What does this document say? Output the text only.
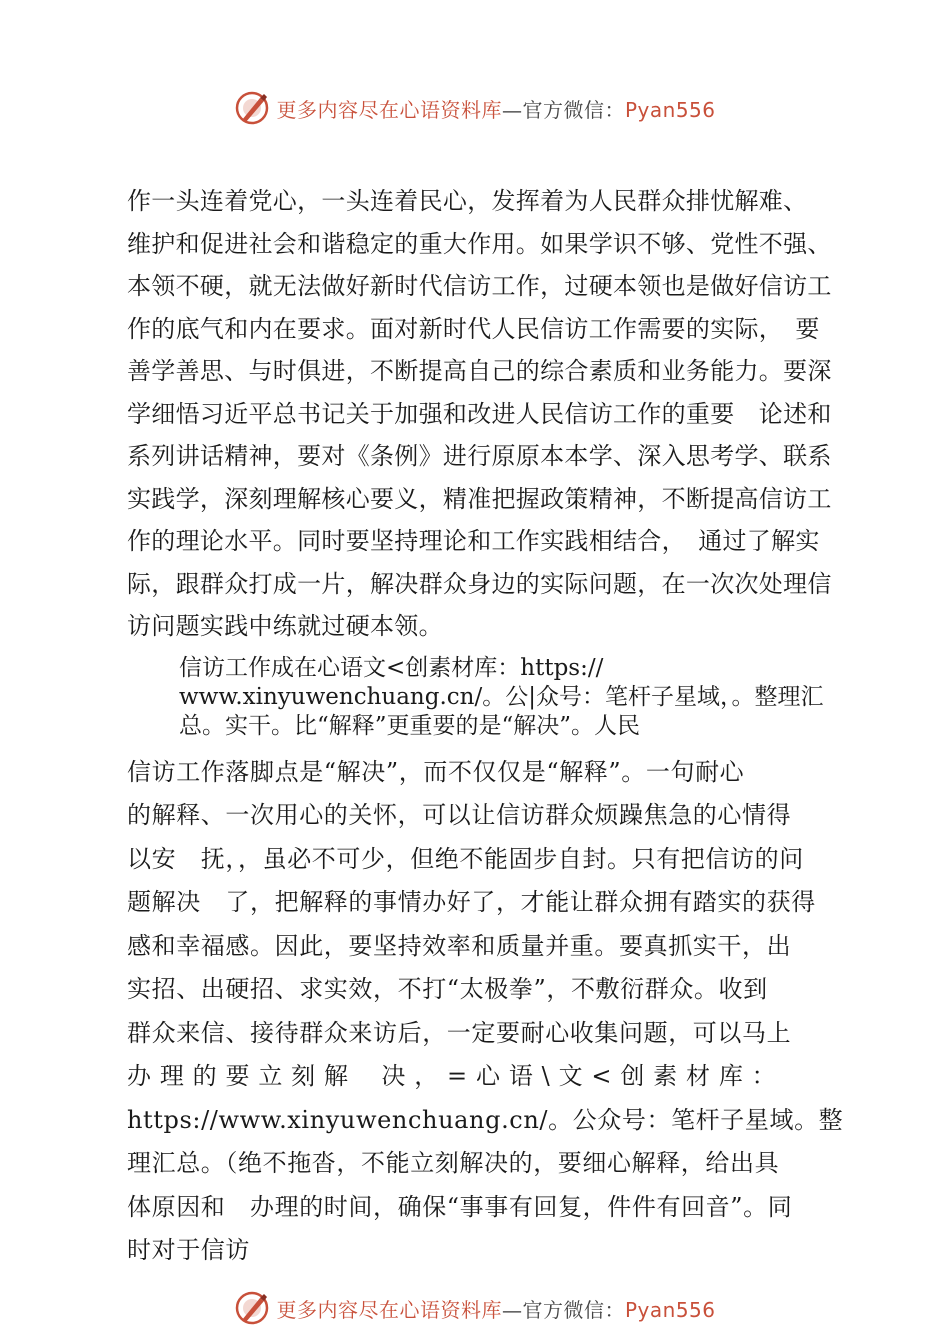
更多内容尽在心语资料库—官方微信：Pyan556

作一头连着党心，一头连着民心，发挥着为人民群众排忧解难、
维护和促进社会和谐稳定的重大作用。如果学识不够、党性不强、
本领不硬，就无法做好新时代信访工作，过硬本领也是做好信访工
作的底气和内在要求。面对新时代人民信访工作需要的实际，　要
善学善思、与时俱进，不断提高自己的综合素质和业务能力。要深
学细悟习近平总书记关于加强和改进人民信访工作的重要　论述和
系列讲话精神，要对《条例》进行原原本本学、深入思考学、联系
实践学，深刻理解核心要义，精准把握政策精神，不断提高信访工
作的理论水平。同时要坚持理论和工作实践相结合，　通过了解实
际，跟群众打成一片，解决群众身边的实际问题，在一次次处理信
访问题实践中练就过硬本领。

信访工作成在心语文<创素材库：https://
www.xinyuwenchuang.cn/。公|众号：笔杆子星域，。整理汇
总。实干。比“解释”更重要的是“解决”。人民

信访工作落脚点是“解决”，而不仅仅是“解释”。一句耐心
的解释、一次用心的关怀，可以让信访群众烦躁焦急的心情得
以安　抚，，虽必不可少，但绝不能固步自封。只有把信访的问
题解决　了，把解释的事情办好了，才能让群众拥有踏实的获得
感和幸福感。因此，要坚持效率和质量并重。要真抓实干，出
实招、出硬招、求实效，不打“太极拳”，不敷衍群众。收到
群众来信、接待群众来访后，一定要耐心收集问题，可以马上
办 理 的 要 立 刻 解 　决 ， = 心 语 \ 文 < 创 素 材 库 ：
https://www.xinyuwenchuang.cn/。公众号：笔杆子星域。整
理汇总。（绝不拖沓，不能立刻解决的，要细心解释，给出具
体原因和　办理的时间，确保“事事有回复，件件有回音”。同
时对于信访

更多内容尽在心语资料库—官方微信：Pyan556
